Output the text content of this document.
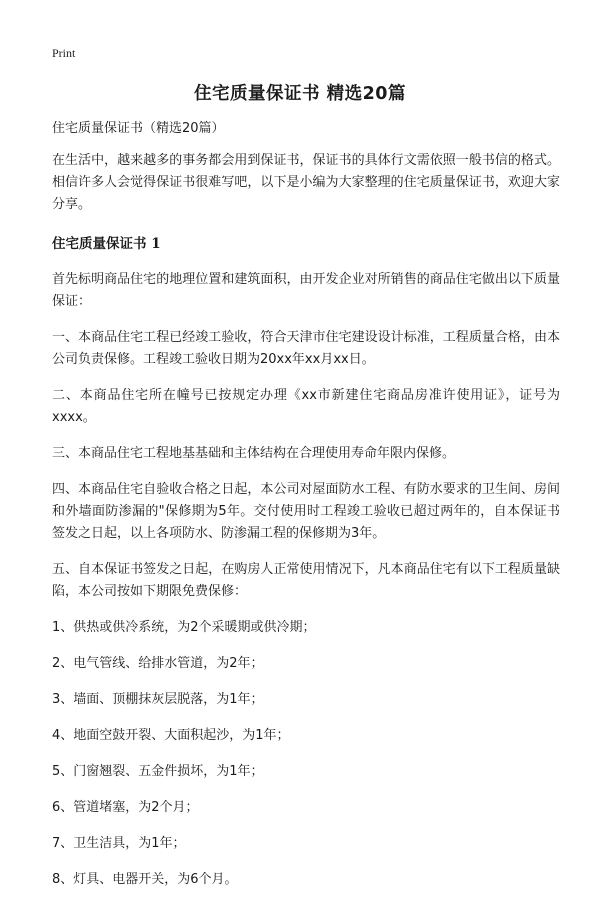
Print
住宅质量保证书 精选20篇

住宅质量保证书（精选20篇）

在生活中，越来越多的事务都会用到保证书，保证书的具体行文需依照一般书信的格式。相信许多人会觉得保证书很难写吧，以下是小编为大家整理的住宅质量保证书，欢迎大家分享。

住宅质量保证书 1

首先标明商品住宅的地理位置和建筑面积，由开发企业对所销售的商品住宅做出以下质量保证：

一、本商品住宅工程已经竣工验收，符合天津市住宅建设设计标准，工程质量合格，由本公司负责保修。工程竣工验收日期为20xx年xx月xx日。

二、本商品住宅所在幢号已按规定办理《xx市新建住宅商品房准许使用证》，证号为xxxx。

三、本商品住宅工程地基基础和主体结构在合理使用寿命年限内保修。

四、本商品住宅自验收合格之日起，本公司对屋面防水工程、有防水要求的卫生间、房间和外墙面防渗漏的"保修期为5年。交付使用时工程竣工验收已超过两年的，自本保证书签发之日起，以上各项防水、防渗漏工程的保修期为3年。

五、自本保证书签发之日起，在购房人正常使用情况下，凡本商品住宅有以下工程质量缺陷，本公司按如下期限免费保修：

1、供热或供冷系统，为2个采暖期或供冷期；

2、电气管线、给排水管道，为2年；

3、墙面、顶棚抹灰层脱落，为1年；

4、地面空鼓开裂、大面积起沙，为1年；

5、门窗翘裂、五金件损坏，为1年；

6、管道堵塞，为2个月；

7、卫生洁具，为1年；

8、灯具、电器开关，为6个月。
